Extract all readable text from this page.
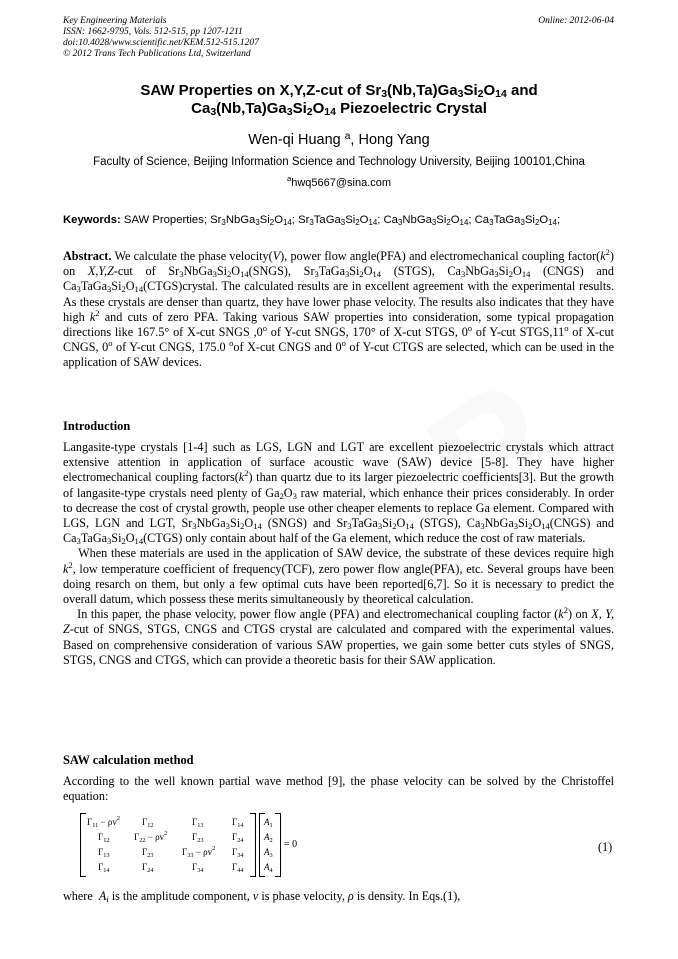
Key Engineering Materials
ISSN: 1662-9795, Vols. 512-515, pp 1207-1211
doi:10.4028/www.scientific.net/KEM.512-515.1207
© 2012 Trans Tech Publications Ltd, Switzerland
Online: 2012-06-04
SAW Properties on X,Y,Z-cut of $Sr_3(Nb,Ta)Ga_3Si_2O_{14}$ and
$Ca_3(Nb,Ta)Ga_3Si_2O_{14}$ Piezoelectric Crystal
Wen-qi Huang $^a$, Hong Yang
Faculty of Science, Beijing Information Science and Technology University, Beijing 100101,China
$^a$hwq5667@sina.com
Keywords: SAW Properties; $Sr_3NbGa_3Si_2O_{14}$; $Sr_3TaGa_3Si_2O_{14}$; $Ca_3NbGa_3Si_2O_{14}$; $Ca_3TaGa_3Si_2O_{14}$;
Abstract. We calculate the phase velocity(V), power flow angle(PFA) and electromechanical coupling $factor(k^2)$ on X,Y,Z-cut of $Sr_3NbGa_3Si_2O_{14}(SNGS)$, $Sr_3TaGa_3Si_2O_{14}$ (STGS), $Ca_3NbGa_3Si_2O_{14}$ (CNGS) and $Ca_3TaGa_3Si_2O_{14}(CTGS)crystal$. The calculated results are in excellent agreement with the experimental results. As these crystals are denser than quartz, they have lower phase velocity. The results also indicates that they have high $k^2$ and cuts of zero PFA. Taking various SAW properties into consideration, some typical propagation directions like 167.5° of X-cut SNGS ,0$^o$ of Y-cut SNGS, 170° of X-cut STGS, 0$^o$ of Y-cut STGS,11$^o$ of X-cut CNGS, 0$^o$ of Y-cut CNGS, 175.0 $^o$of X-cut CNGS and 0$^o$ of Y-cut CTGS are selected, which can be used in the application of SAW devices.
Introduction
Langasite-type crystals [1-4] such as LGS, LGN and LGT are excellent piezoelectric crystals which attract extensive attention in application of surface acoustic wave (SAW) device [5-8]. They have higher electromechanical coupling $factors(k^2)$ than quartz due to its larger piezoelectric coefficients[3]. But the growth of langasite-type crystals need plenty of $Ga_2O_3$ raw material, which enhance their prices considerably. In order to decrease the cost of crystal growth, people use other cheaper elements to replace Ga element. Compared with LGS, LGN and LGT, $Sr_3NbGa_3Si_2O_{14}$ (SNGS) and $Sr_3TaGa_3Si_2O_{14}$ (STGS), $Ca_3NbGa_3Si_2O_{14}(CNGS)$ and $Ca_3TaGa_3Si_2O_{14}(CTGS)$ only contain about half of the Ga element, which reduce the cost of raw materials.
When these materials are used in the application of SAW device, the substrate of these devices require high $k^2$, low temperature coefficient of frequency(TCF), zero power flow angle(PFA), etc. Several groups have been doing resarch on them, but only a few optimal cuts have been reported[6,7]. So it is necessary to predict the overall datum, which possess these merits simultaneously by theoretical calculation.
In this paper, the phase velocity, power flow angle (PFA) and electromechanical coupling factor $(k^2)$ on X, Y, Z-cut of SNGS, STGS, CNGS and CTGS crystal are calculated and compared with the experimental values. Based on comprehensive consideration of various SAW properties, we gain some better cuts styles of SNGS, STGS, CNGS and CTGS, which can provide a theoretic basis for their SAW application.
SAW calculation method
According to the well known partial wave method [9], the phase velocity can be solved by the Christoffel equation:
$\Gamma_{11} - \rho v^2$ $\Gamma_{12}$	$\Gamma_{13}$	$\Gamma_{14}$
$\Gamma_{12}$	$\Gamma_{22} - \rho v^2$	$\Gamma_{23}$	$\Gamma_{24}$
$\Gamma_{13}$	$\Gamma_{23}$	$\Gamma_{33} - \rho v^2$ $\Gamma_{34}$
$\Gamma_{14}$	$\Gamma_{24}$	$\Gamma_{34}$	$\Gamma_{44}$
$A_1$
$A_2$
$A_3$
$A_4$
= 0	(1)
where  $A_i$ is the amplitude component, v is phase velocity, ρ is density. In Eqs.(1),
